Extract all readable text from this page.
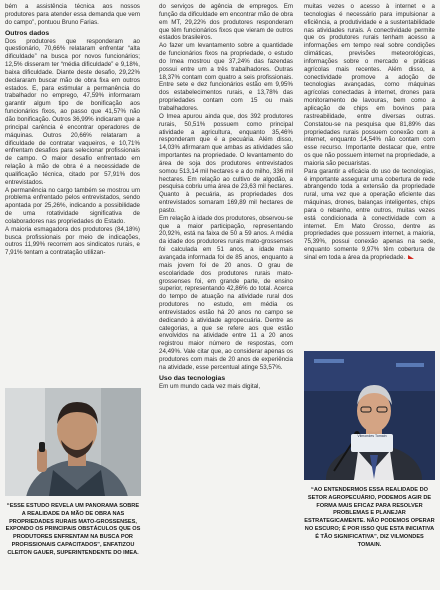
bém a assistência técnica aos nossos produtores para atender essa demanda que vem do campo”, pontuou Bruno Farias.

Outros dados

Dos produtores que responderam ao questionário, 70,66% relataram enfrentar “alta dificuldade” na busca por novos funcionários; 12,5% disseram ter “média dificuldade” e 9,18%, baixa dificuldade. Diante deste desafio, 29,22% declararam buscar mão de obra fixa em outros estados. E, para estimular a permanência do trabalhador no emprego, 47,59% informaram garantir algum tipo de bonificação aos funcionários fixos, ao passo que 41,57% não dão bonificação. Outros 36,99% indicaram que a principal carência é encontrar operadores de máquinas. Outros 20,66% relataram a dificuldade de contratar vaqueiros, e 10,71% enfrentam desafios para selecionar profissionais de campo. O maior desafio enfrentado em relação à mão de obra é a necessidade de qualificação técnica, citado por 57,91% dos entrevistados.

A permanência no cargo também se mostrou um problema enfrentado pelos entrevistados, sendo apontada por 25,26%, indicando a possibilidade de uma rotatividade significativa de colaboradores nas propriedades do Estado.

A maioria esmagadora dos produtores (84,18%) busca profissionais por meio de indicações, outros 11,99% recorrem aos sindicatos rurais, e 7,91% tentam a contratação utilizan-

“ESSE ESTUDO REVELA UM PANORAMA SOBRE A REALIDADE DA MÃO DE OBRA NAS PROPRIEDADES RURAIS MATO-GROSSENSES, EXPONDO OS PRINCIPAIS OBSTÁCULOS QUE OS PRODUTORES ENFRENTAM NA BUSCA POR PROFISSIONAIS CAPACITADOS”, ENFATIZOU CLEITON GAUER, SUPERINTENDENTE DO IMEA.

do serviços de agência de empregos. Em função da dificuldade em encontrar mão de obra em MT, 29,22% dos produtores responderam que têm funcionários fixos que vieram de outros estados brasileiros.

Ao fazer um levantamento sobre a quantidade de funcionários fixos na propriedade, o estudo do Imea mostrou que 37,24% das fazendas possui entre um a três trabalhadores. Outras 18,37% contam com quatro a seis profissionais. Entre sete e dez funcionários estão em 9,95% dos estabelecimentos rurais, e 13,78% das propriedades contam com 15 ou mais trabalhadores.

O Imea apurou ainda que, dos 392 produtores rurais, 50,51% possuem como principal atividade a agricultura, enquanto 35,46% responderam que é a pecuária. Além disso, 14,03% afirmaram que ambas as atividades são importantes na propriedade. O levantamento do área de soja dos produtores entrevistados somou 513,14 mil hectares e a do milho, 336 mil hectares. Em relação ao cultivo de algodão, a pesquisa cobriu uma área de 23,63 mil hectares. Quanto à pecuária, as propriedades dos entrevistados somaram 169,89 mil hectares de pasto.

Em relação à idade dos produtores, observou-se que a maior participação, representando 20,92%, está na faixa de 50 a 59 anos. A média da idade dos produtores rurais mato-grossenses foi calculada em 51 anos, a idade mais avançada informada foi de 85 anos, enquanto a mais jovem foi de 20 anos. O grau de escolaridade dos produtores rurais mato-grossenses foi, em grande parte, de ensino superior, representando 42,86% do total. Acerca do tempo de atuação na atividade rural dos produtores no estudo, em média os entrevistados estão há 20 anos no campo se dedicando à atividade agropecuária. Dentre as categorias, a que se refere aos que estão envolvidos na atividade entre 11 a 20 anos registrou maior número de respostas, com 24,49%. Vale citar que, ao considerar apenas os produtores com mais de 20 anos de experiência na atividade, esse percentual atinge 53,57%.

Uso das tecnologias

Em um mundo cada vez mais digital,

muitas vezes o acesso à internet e a tecnologias é necessário para impulsionar a eficiência, a produtividade e a sustentabilidade nas atividades rurais. A conectividade permite que os produtores rurais tenham acesso a informações em tempo real sobre condições climáticas, previsões meteorológicas, informações sobre o mercado e práticas agrícolas mais recentes. Além disso, a conectividade promove a adoção de tecnologias avançadas, como máquinas agrícolas conectadas à internet, drones para monitoramento de lavouras, bem como a aplicação de chips em bovinos para rastreabilidade, entre diversas outras. Constatou-se na pesquisa que 81,89% das propriedades rurais possuem conexão com a internet, enquanto 14,54% não contam com esse recurso. Importante destacar que, entre os que não possuem internet na propriedade, a maioria são pecuaristas.

Para garantir a eficácia do uso de tecnologias, é importante assegurar uma cobertura de rede abrangendo toda a extensão da propriedade rural, uma vez que a operação eficiente das máquinas, drones, balanças inteligentes, chips para o rebanho, entre outros, muitas vezes está condicionada à conectividade com a internet. Em Mato Grosso, dentre as propriedades que possuem internet, a maioria, 75,39%, possui conexão apenas na sede, enquanto somente 9,97% têm cobertura de sinal em toda a área da propriedade.

Vilmondes Tomain
“AO ENTENDERMOS ESSA REALIDADE DO SETOR AGROPECUÁRIO, PODEMOS AGIR DE FORMA MAIS EFICAZ PARA RESOLVER PROBLEMAS E PLANEJAR ESTRATEGICAMENTE. NÃO PODEMOS OPERAR NO ESCURO; É POR ISSO QUE ESTA INICIATIVA É TÃO SIGNIFICATIVA”, DIZ VILMONDES TOMAIN.
